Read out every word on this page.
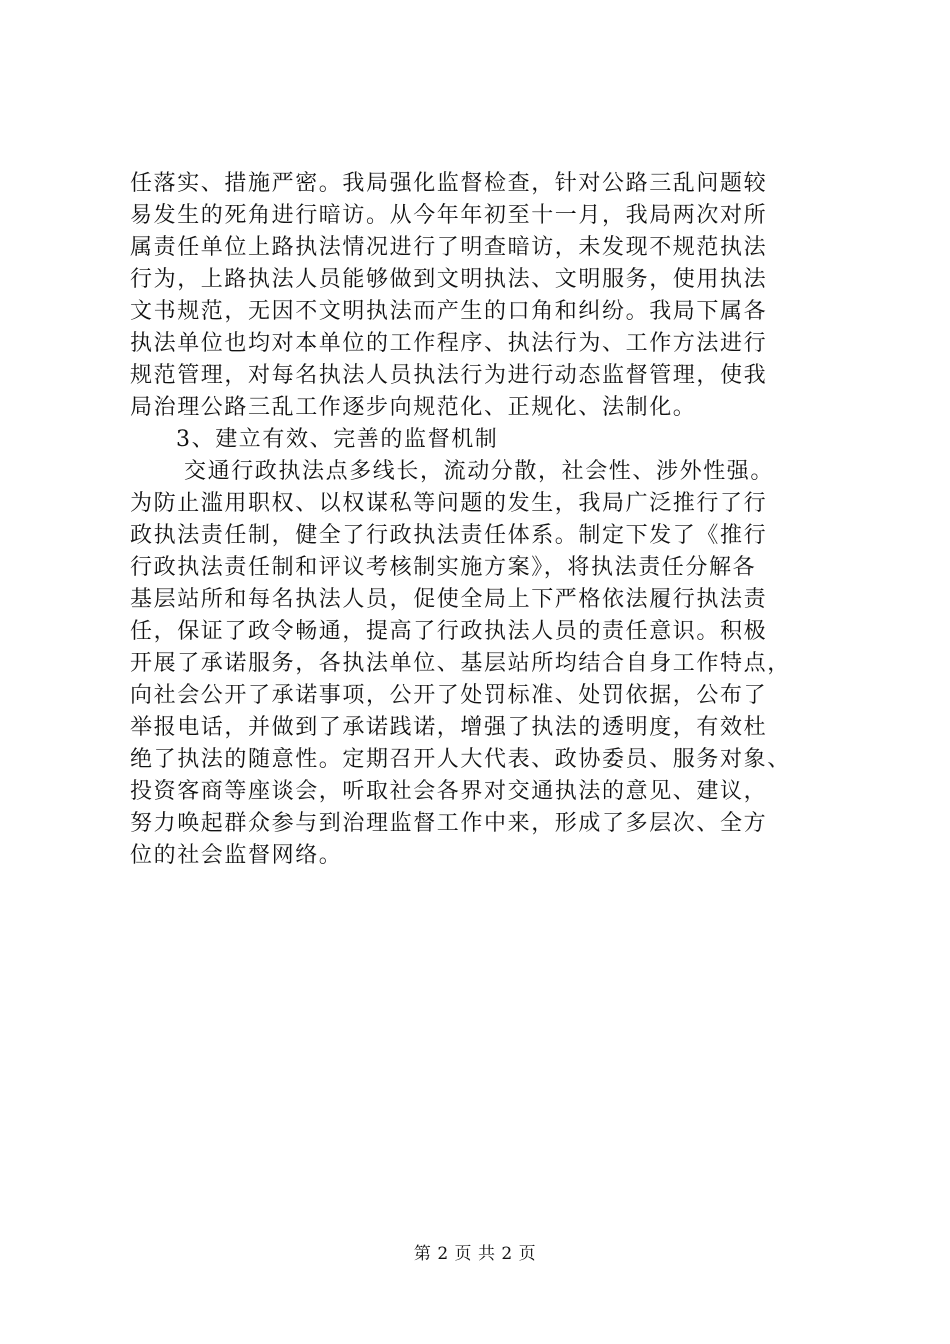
任落实、措施严密。我局强化监督检查，针对公路三乱问题较
易发生的死角进行暗访。从今年年初至十一月，我局两次对所
属责任单位上路执法情况进行了明查暗访，未发现不规范执法
行为，上路执法人员能够做到文明执法、文明服务，使用执法
文书规范，无因不文明执法而产生的口角和纠纷。我局下属各
执法单位也均对本单位的工作程序、执法行为、工作方法进行
规范管理，对每名执法人员执法行为进行动态监督管理，使我
局治理公路三乱工作逐步向规范化、正规化、法制化。
3、建立有效、完善的监督机制
交通行政执法点多线长，流动分散，社会性、涉外性强。
为防止滥用职权、以权谋私等问题的发生，我局广泛推行了行
政执法责任制，健全了行政执法责任体系。制定下发了《推行
行政执法责任制和评议考核制实施方案》，将执法责任分解各
基层站所和每名执法人员，促使全局上下严格依法履行执法责
任，保证了政令畅通，提高了行政执法人员的责任意识。积极
开展了承诺服务，各执法单位、基层站所均结合自身工作特点，
向社会公开了承诺事项，公开了处罚标准、处罚依据，公布了
举报电话，并做到了承诺践诺，增强了执法的透明度，有效杜
绝了执法的随意性。定期召开人大代表、政协委员、服务对象、
投资客商等座谈会，听取社会各界对交通执法的意见、建议，
努力唤起群众参与到治理监督工作中来，形成了多层次、全方
位的社会监督网络。
第 2 页 共 2 页
